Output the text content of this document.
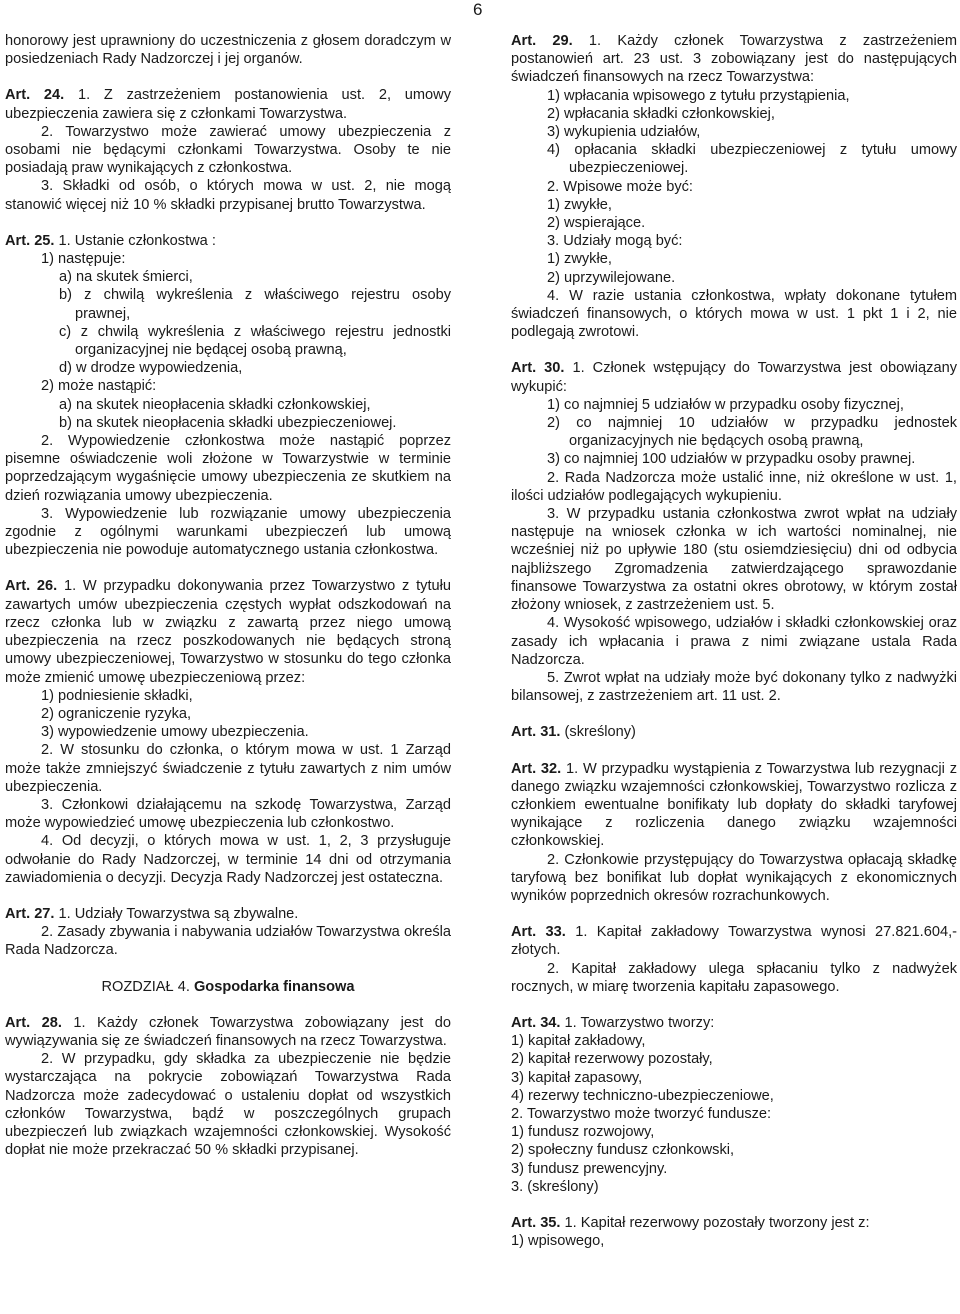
6

honorowy jest uprawniony do uczestniczenia z głosem doradczym w posiedzeniach Rady Nadzorczej i jej organów.

Art. 24. 1. Z zastrzeżeniem postanowienia ust. 2, umowy ubezpieczenia zawiera się z członkami Towarzystwa.

2. Towarzystwo może zawierać umowy ubezpieczenia z osobami nie będącymi członkami Towarzystwa. Osoby te nie posiadają praw wynikających z członkostwa.

3. Składki od osób, o których mowa w ust. 2, nie mogą stanowić więcej niż 10 % składki przypisanej brutto Towarzystwa.

Art. 25. 1. Ustanie członkostwa :

1) następuje:

a) na skutek śmierci,

b) z chwilą wykreślenia z właściwego rejestru osoby prawnej,

c) z chwilą wykreślenia z właściwego rejestru jednostki organizacyjnej nie będącej osobą prawną,

d) w drodze wypowiedzenia,

2) może nastąpić:

a) na skutek nieopłacenia składki członkowskiej,

b) na skutek nieopłacenia składki ubezpieczeniowej.

2. Wypowiedzenie członkostwa może nastąpić poprzez pisemne oświadczenie woli złożone w Towarzystwie w terminie poprzedzającym wygaśnięcie umowy ubezpieczenia ze skutkiem na dzień rozwiązania umowy ubezpieczenia.

3. Wypowiedzenie lub rozwiązanie umowy ubezpieczenia zgodnie z ogólnymi warunkami ubezpieczeń lub umową ubezpieczenia nie powoduje automatycznego ustania członkostwa.

Art. 26. 1. W przypadku dokonywania przez Towarzystwo z tytułu zawartych umów ubezpieczenia częstych wypłat odszkodowań na rzecz członka lub w związku z zawartą przez niego umową ubezpieczenia na rzecz poszkodowanych nie będących stroną umowy ubezpieczeniowej, Towarzystwo w stosunku do tego członka może zmienić umowę ubezpieczeniową przez:

1) podniesienie składki,

2) ograniczenie ryzyka,

3) wypowiedzenie umowy ubezpieczenia.

2. W stosunku do członka, o którym mowa w ust. 1 Zarząd może także zmniejszyć świadczenie z tytułu zawartych z nim umów ubezpieczenia.

3. Członkowi działającemu na szkodę Towarzystwa, Zarząd może wypowiedzieć umowę ubezpieczenia lub członkostwo.

4. Od decyzji, o których mowa w ust. 1, 2, 3 przysługuje odwołanie do Rady Nadzorczej, w terminie 14 dni od otrzymania zawiadomienia o decyzji. Decyzja Rady Nadzorczej jest ostateczna.

Art. 27. 1. Udziały Towarzystwa są zbywalne.

2. Zasady zbywania i nabywania udziałów Towarzystwa określa Rada Nadzorcza.

ROZDZIAŁ 4. Gospodarka finansowa

Art. 28. 1. Każdy członek Towarzystwa zobowiązany jest do wywiązywania się ze świadczeń finansowych na rzecz Towarzystwa.

2. W przypadku, gdy składka za ubezpieczenie nie będzie wystarczająca na pokrycie zobowiązań Towarzystwa Rada Nadzorcza może zadecydować o ustaleniu dopłat od wszystkich członków Towarzystwa, bądź w poszczególnych grupach ubezpieczeń lub związkach wzajemności członkowskiej. Wysokość dopłat nie może przekraczać 50 % składki przypisanej.

Art. 29. 1. Każdy członek Towarzystwa z zastrzeżeniem postanowień art. 23 ust. 3 zobowiązany jest do następujących świadczeń finansowych na rzecz Towarzystwa:

1) wpłacania wpisowego z tytułu przystąpienia,

2) wpłacania składki członkowskiej,

3) wykupienia udziałów,

4) opłacania składki ubezpieczeniowej z tytułu umowy ubezpieczeniowej.

2. Wpisowe może być:

1) zwykłe,

2) wspierające.

3. Udziały mogą być:

1) zwykłe,

2) uprzywilejowane.

4. W razie ustania członkostwa, wpłaty dokonane tytułem świadczeń finansowych, o których mowa w ust. 1 pkt 1 i 2, nie podlegają zwrotowi.

Art. 30. 1. Członek wstępujący do Towarzystwa jest obowiązany wykupić:

1) co najmniej 5 udziałów w przypadku osoby fizycznej,

2) co najmniej 10 udziałów w przypadku jednostek organizacyjnych nie będących osobą prawną,

3) co najmniej 100 udziałów w przypadku osoby prawnej.

2. Rada Nadzorcza może ustalić inne, niż określone w ust. 1, ilości udziałów podlegających wykupieniu.

3. W przypadku ustania członkostwa zwrot wpłat na udziały następuje na wniosek członka w ich wartości nominalnej, nie wcześniej niż po upływie 180 (stu osiemdziesięciu) dni od odbycia najbliższego Zgromadzenia zatwierdzającego sprawozdanie finansowe Towarzystwa za ostatni okres obrotowy, w którym został złożony wniosek, z zastrzeżeniem ust. 5.

4. Wysokość wpisowego, udziałów i składki członkowskiej oraz zasady ich wpłacania i prawa z nimi związane ustala Rada Nadzorcza.

5. Zwrot wpłat na udziały może być dokonany tylko z nadwyżki bilansowej, z zastrzeżeniem art. 11 ust. 2.

Art. 31. (skreślony)

Art. 32. 1. W przypadku wystąpienia z Towarzystwa lub rezygnacji z danego związku wzajemności członkowskiej, Towarzystwo rozlicza z członkiem ewentualne bonifikaty lub dopłaty do składki taryfowej wynikające z rozliczenia danego związku wzajemności członkowskiej.

2. Członkowie przystępujący do Towarzystwa opłacają składkę taryfową bez bonifikat lub dopłat wynikających z ekonomicznych wyników poprzednich okresów rozrachunkowych.

Art. 33. 1. Kapitał zakładowy Towarzystwa wynosi 27.821.604,- złotych.

2. Kapitał zakładowy ulega spłacaniu tylko z nadwyżek rocznych, w miarę tworzenia kapitału zapasowego.

Art. 34. 1. Towarzystwo tworzy:

1) kapitał zakładowy,

2) kapitał rezerwowy pozostały,

3) kapitał zapasowy,

4) rezerwy techniczno-ubezpieczeniowe,

2. Towarzystwo może tworzyć fundusze:

1) fundusz rozwojowy,

2) społeczny fundusz członkowski,

3) fundusz prewencyjny.

3. (skreślony)

Art. 35. 1. Kapitał rezerwowy pozostały tworzony jest z:

1) wpisowego,
